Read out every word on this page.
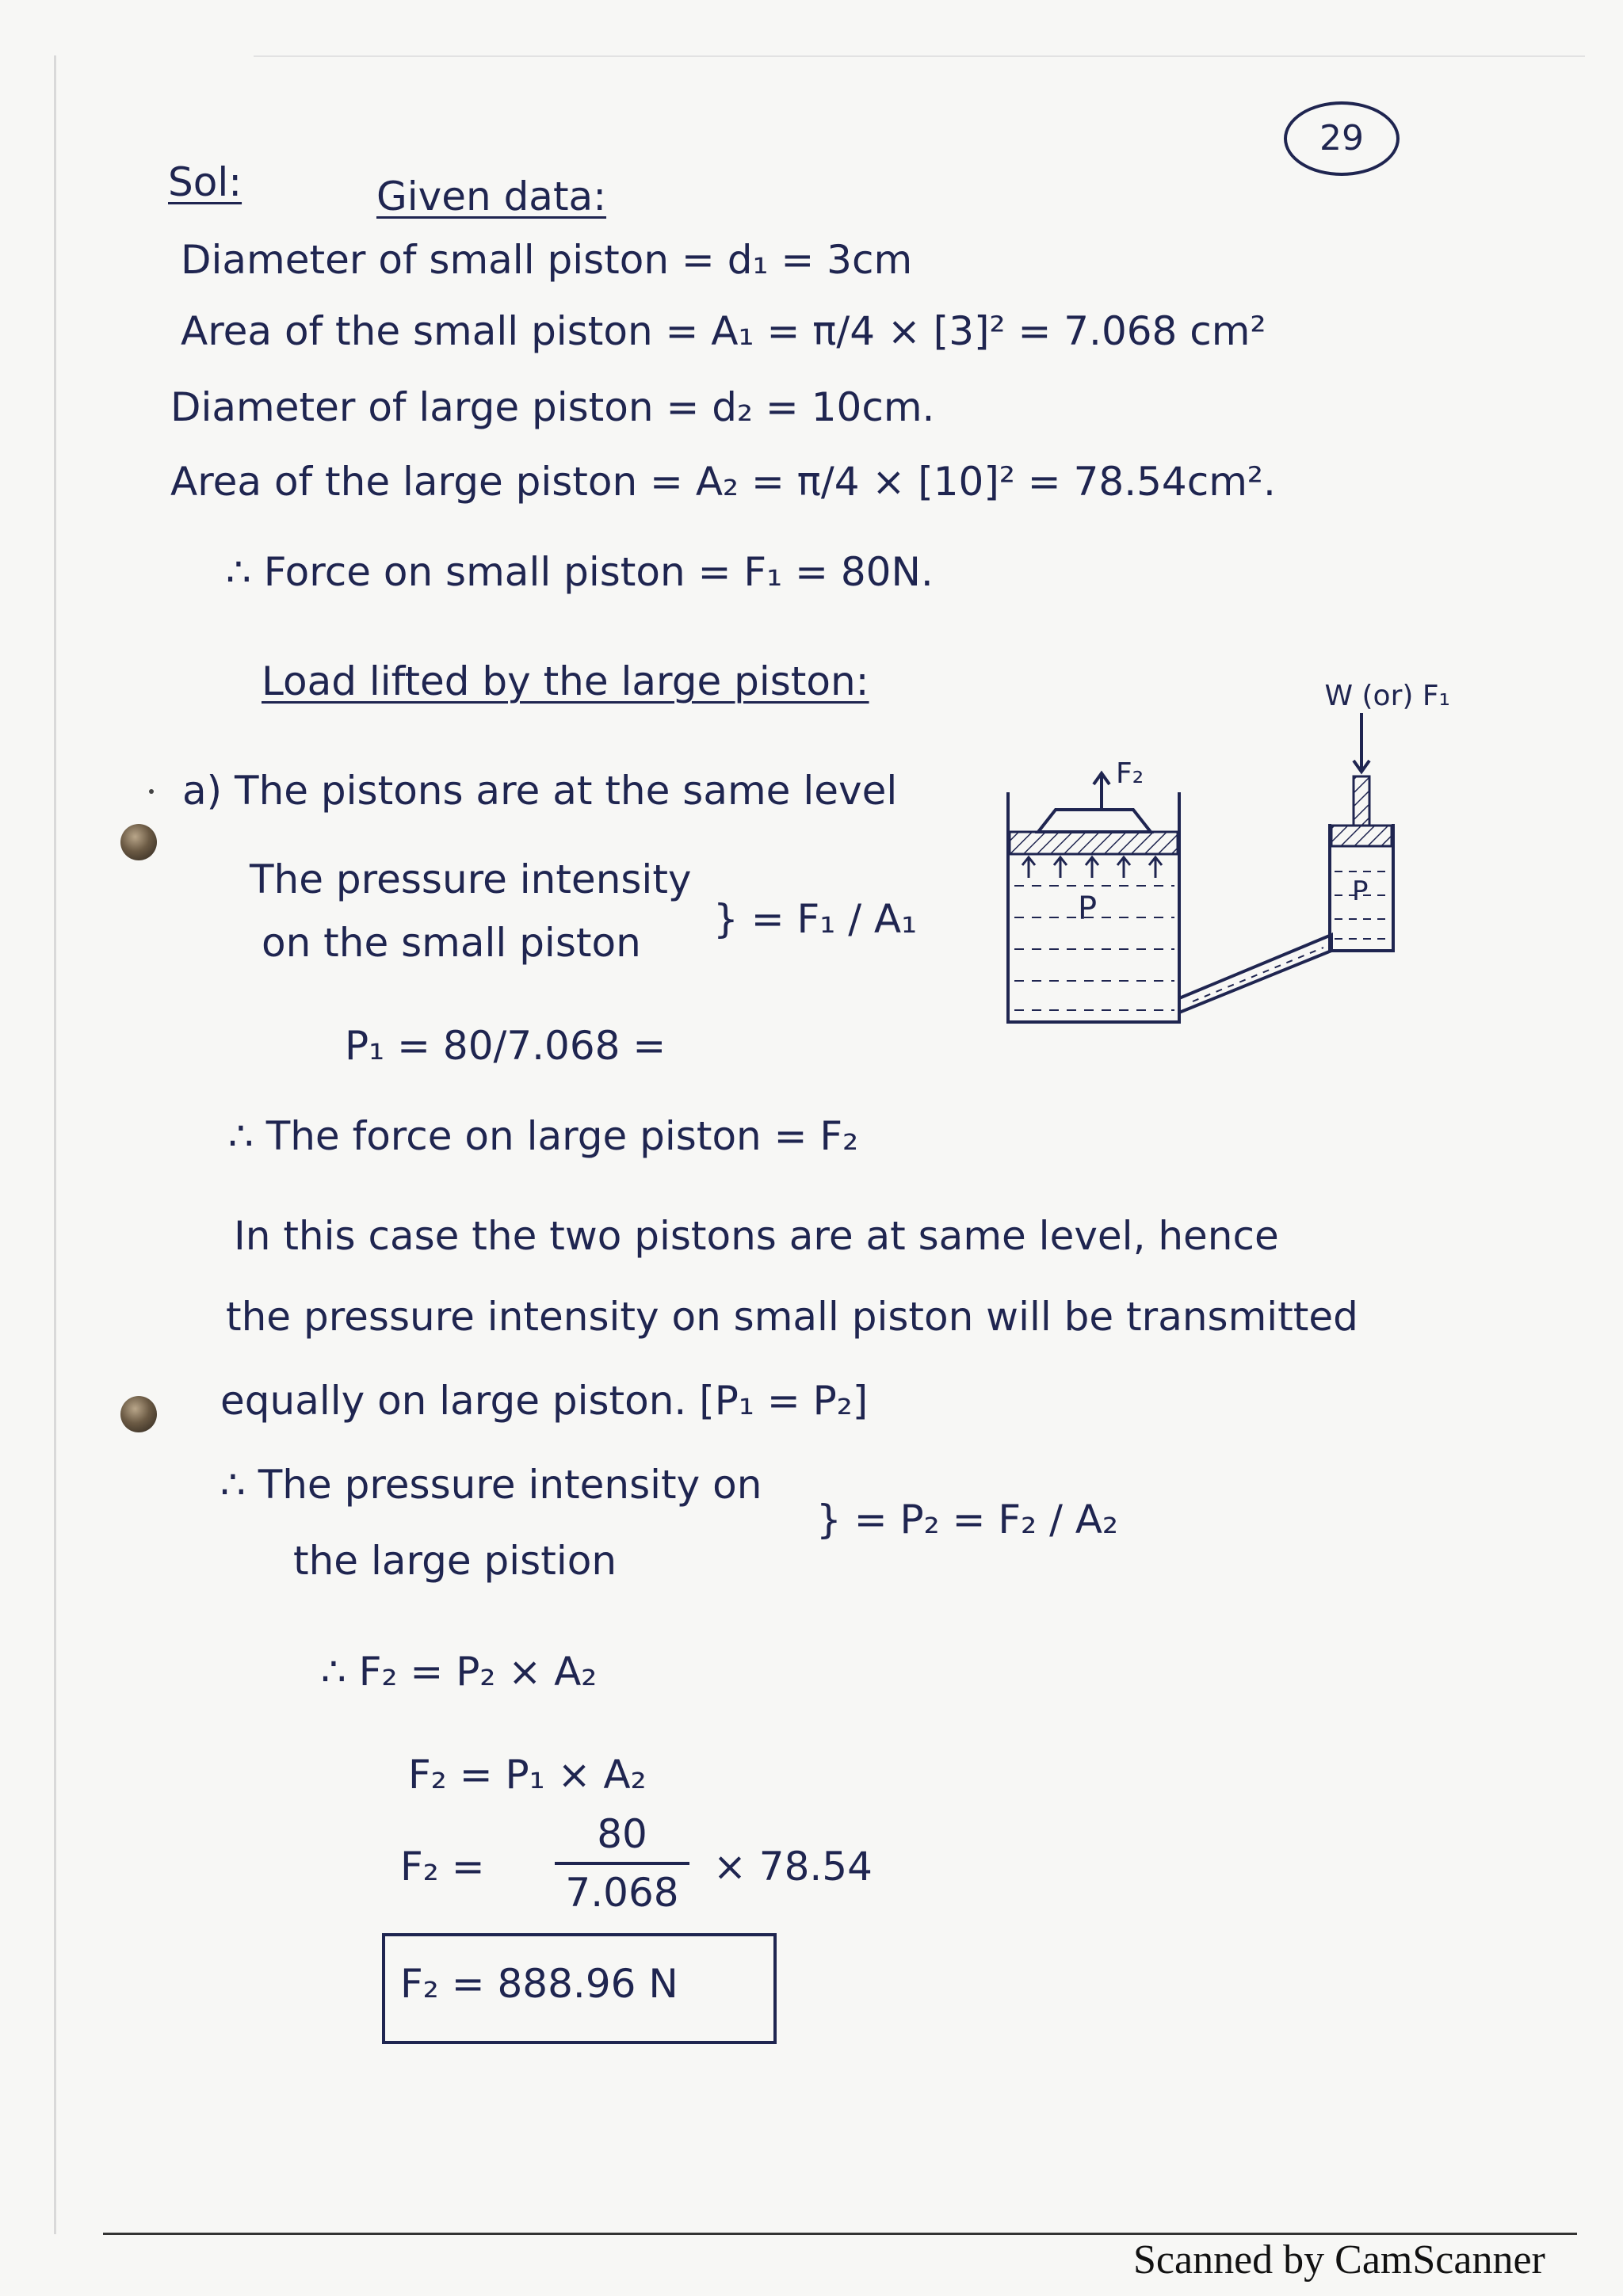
29
Sol:	Given data:
Diameter of small piston = d₁ = 3cm
Area of the small piston = A₁ = π/4 × [3]² = 7.068 cm²
Diameter of large piston = d₂ = 10cm.
Area of the large piston = A₂ = π/4 × [10]² = 78.54cm².
∴ Force on small piston = F₁ = 80N.
Load lifted by the large piston:
a) The pistons are at the same level
The pressure intensity
on the small piston
} = F₁ / A₁
P₁ = 80/7.068 =
∴ The force on large piston = F₂
In this case the two pistons are at same level, hence
the pressure intensity on small piston will be transmitted
equally on large piston. [P₁ = P₂]
∴ The pressure intensity on
the large pistion
} = P₂ = F₂ / A₂
∴ F₂ = P₂ × A₂
F₂ = P₁ × A₂
F₂ =
80
7.068
× 78.54
F₂ = 888.96 N
W (or) F₁
F₂
P	P
Scanned by CamScanner
